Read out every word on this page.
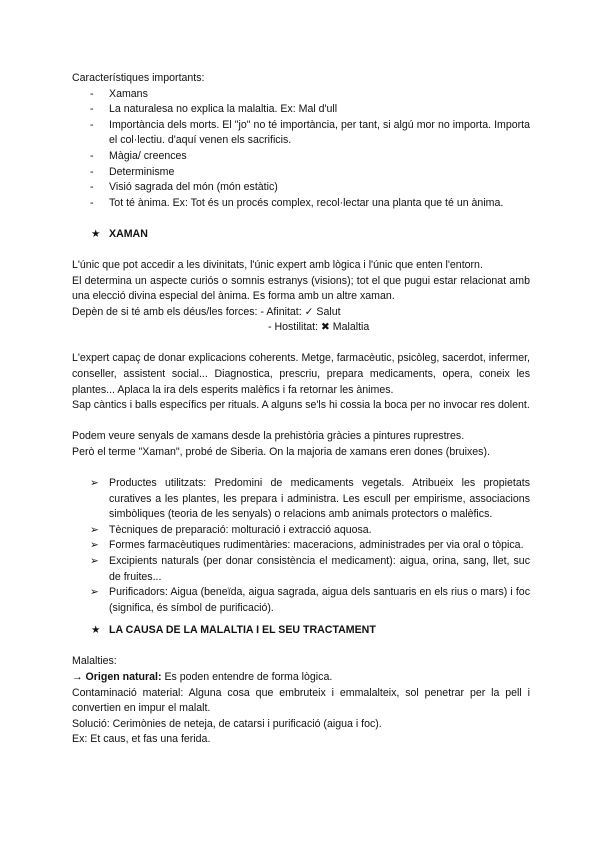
Característiques importants:

- Xamans
- La naturalesa no explica la malaltia. Ex: Mal d'ull
- Importància dels morts. El "jo" no té importància, per tant, si algú mor no importa. Importa el col·lectiu. d'aquí venen els sacrificis.
- Màgia/ creences
- Determinisme
- Visió sagrada del món (món estàtic)
- Tot té ànima. Ex: Tot és un procés complex, recol·lectar una planta que té un ànima.

★ XAMAN

L'únic que pot accedir a les divinitats, l'únic expert amb lògica i l'únic que enten l'entorn.

El determina un aspecte curiós o somnis estranys (visions); tot el que pugui estar relacionat amb una elecció divina especial del ànima. Es forma amb un altre xaman.

Depèn de si té amb els déus/les forces: - Afinitat: ✓ Salut

- Hostilitat: ✖ Malaltia

L'expert capaç de donar explicacions coherents. Metge, farmacèutic, psicòleg, sacerdot, infermer, conseller, assistent social... Diagnostica, prescriu, prepara medicaments, opera, coneix les plantes... Aplaca la ira dels esperits malèfics i fa retornar les ànimes.

Sap càntics i balls específics per rituals. A alguns se'ls hi cossia la boca per no invocar res dolent.

Podem veure senyals de xamans desde la prehistòria gràcies a pintures ruprestres.

Però el terme "Xaman", probé de Siberia. On la majoria de xamans eren dones (bruixes).

➢ Productes utilitzats: Predomini de medicaments vegetals. Atribueix les propietats curatives a les plantes, les prepara i administra. Les escull per empirisme, associacions simbòliques (teoria de les senyals) o relacions amb animals protectors o malèfics.
➢ Tècniques de preparació: molturació i extracció aquosa.
➢ Formes farmacèutiques rudimentàries: maceracions, administrades per via oral o tòpica.
➢ Excipients naturals (per donar consistència el medicament): aigua, orina, sang, llet, suc de fruites...
➢ Purificadors: Aigua (beneïda, aigua sagrada, aigua dels santuaris en els rius o mars) i foc (significa, és símbol de purificació).

★ LA CAUSA DE LA MALALTIA I EL SEU TRACTAMENT

Malalties:

→ Origen natural: Es poden entendre de forma lògica.

Contaminació material: Alguna cosa que embruteix i emmalalteix, sol penetrar per la pell i convertien en impur el malalt.

Solució: Cerimònies de neteja, de catarsi i purificació (aigua i foc).

Ex: Et caus, et fas una ferida.
